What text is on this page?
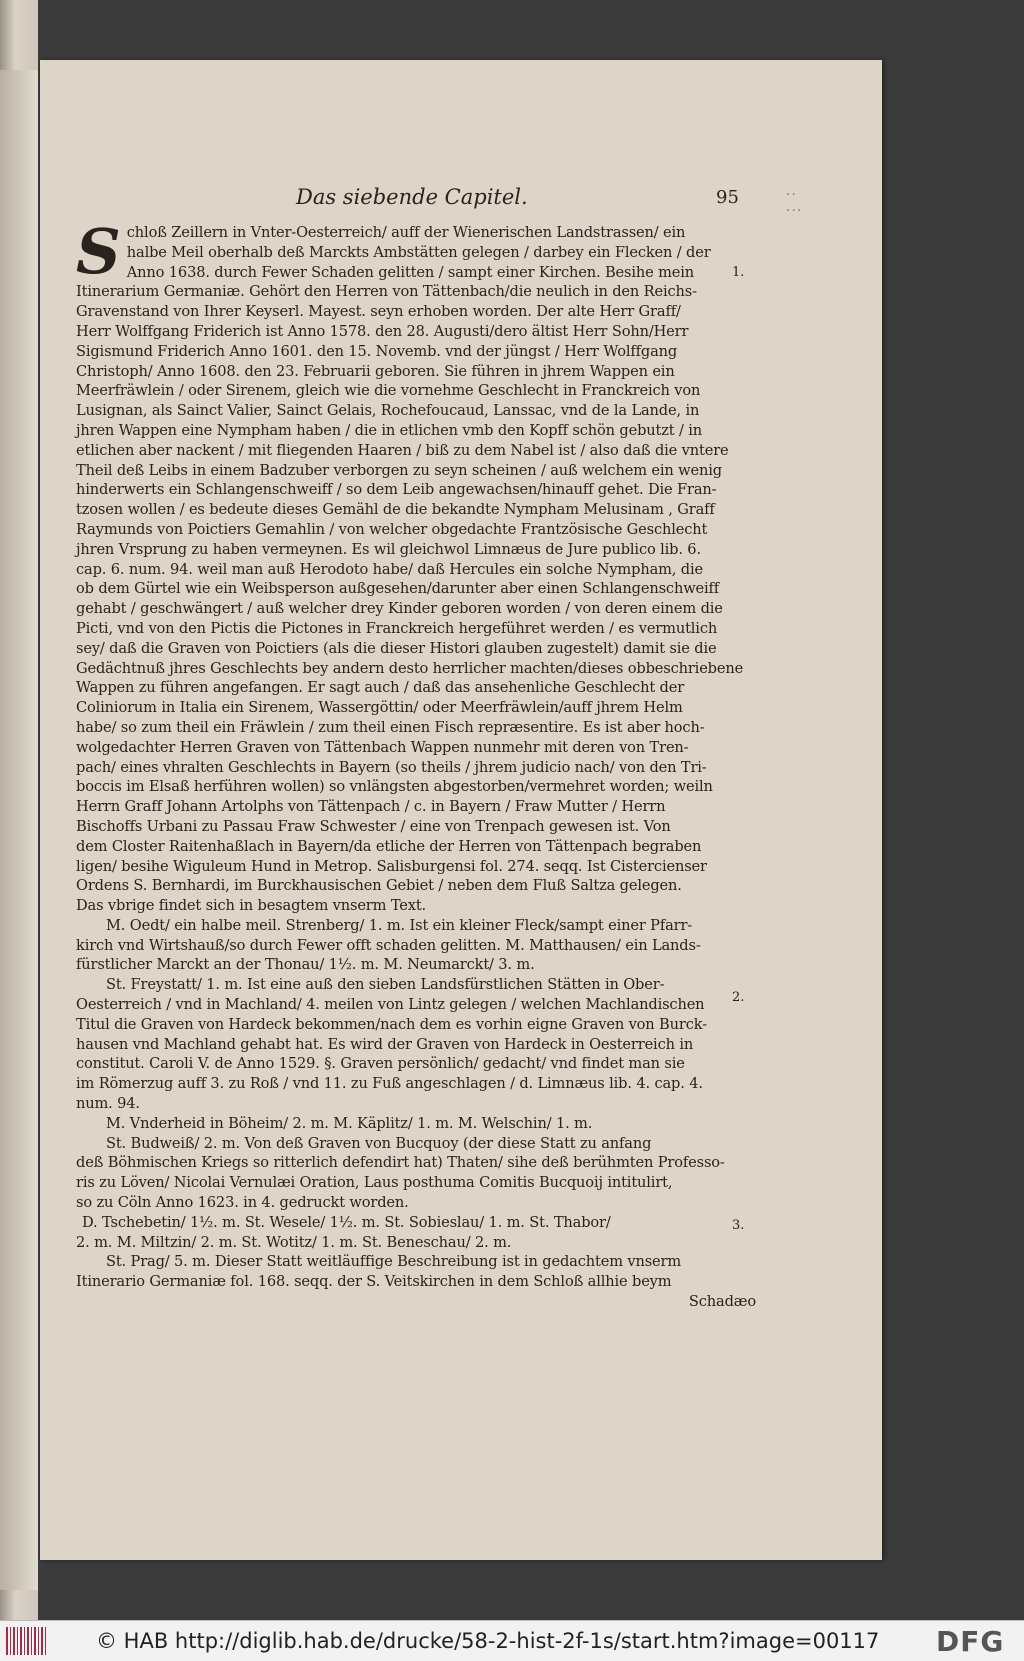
Das siebende Capitel.	95	·· ···
S chloß Zeillern in Vnter-Oesterreich/ auff der Wienerischen Landstrassen/ ein
halbe Meil oberhalb deß Marckts Ambstätten gelegen / darbey ein Flecken / der
Anno 1638. durch Fewer Schaden gelitten / sampt einer Kirchen. Besihe mein
Itinerarium Germaniæ. Gehört den Herren von Tättenbach/die neulich in den Reichs-
Gravenstand von Ihrer Keyserl. Mayest. seyn erhoben worden. Der alte Herr Graff/
Herr Wolffgang Friderich ist Anno 1578. den 28. Augusti/dero ältist Herr Sohn/Herr
Sigismund Friderich Anno 1601. den 15. Novemb. vnd der jüngst / Herr Wolffgang
Christoph/ Anno 1608. den 23. Februarii geboren. Sie führen in jhrem Wappen ein
Meerfräwlein / oder Sirenem, gleich wie die vornehme Geschlecht in Franckreich von
Lusignan, als Sainct Valier, Sainct Gelais, Rochefoucaud, Lanssac, vnd de la Lande, in
jhren Wappen eine Nympham haben / die in etlichen vmb den Kopff schön gebutzt / in
etlichen aber nackent / mit fliegenden Haaren / biß zu dem Nabel ist / also daß die vntere
Theil deß Leibs in einem Badzuber verborgen zu seyn scheinen / auß welchem ein wenig
hinderwerts ein Schlangenschweiff / so dem Leib angewachsen/hinauff gehet. Die Fran-
tzosen wollen / es bedeute dieses Gemähl de die bekandte Nympham Melusinam , Graff
Raymunds von Poictiers Gemahlin / von welcher obgedachte Frantzösische Geschlecht
jhren Vrsprung zu haben vermeynen. Es wil gleichwol Limnæus de Jure publico lib. 6.
cap. 6. num. 94. weil man auß Herodoto habe/ daß Hercules ein solche Nympham, die
ob dem Gürtel wie ein Weibsperson außgesehen/darunter aber einen Schlangenschweiff
gehabt / geschwängert / auß welcher drey Kinder geboren worden / von deren einem die
Picti, vnd von den Pictis die Pictones in Franckreich hergeführet werden / es vermutlich
sey/ daß die Graven von Poictiers (als die dieser Histori glauben zugestelt) damit sie die
Gedächtnuß jhres Geschlechts bey andern desto herrlicher machten/dieses obbeschriebene
Wappen zu führen angefangen. Er sagt auch / daß das ansehenliche Geschlecht der
Coliniorum in Italia ein Sirenem, Wassergöttin/ oder Meerfräwlein/auff jhrem Helm
habe/ so zum theil ein Fräwlein / zum theil einen Fisch repræsentire. Es ist aber hoch-
wolgedachter Herren Graven von Tättenbach Wappen nunmehr mit deren von Tren-
pach/ eines vhralten Geschlechts in Bayern (so theils / jhrem judicio nach/ von den Tri-
boccis im Elsaß herführen wollen) so vnlängsten abgestorben/vermehret worden; weiln
Herrn Graff Johann Artolphs von Tättenpach / c. in Bayern / Fraw Mutter / Herrn
Bischoffs Urbani zu Passau Fraw Schwester / eine von Trenpach gewesen ist. Von
dem Closter Raitenhaßlach in Bayern/da etliche der Herren von Tättenpach begraben
ligen/ besihe Wiguleum Hund in Metrop. Salisburgensi fol. 274. seqq. Ist Cistercienser
Ordens S. Bernhardi, im Burckhausischen Gebiet / neben dem Fluß Saltza gelegen.
Das vbrige findet sich in besagtem vnserm Text.
M. Oedt/ ein halbe meil. Strenberg/ 1. m. Ist ein kleiner Fleck/sampt einer Pfarr-
kirch vnd Wirtshauß/so durch Fewer offt schaden gelitten. M. Matthausen/ ein Lands-
fürstlicher Marckt an der Thonau/ 1½. m. M. Neumarckt/ 3. m.
St. Freystatt/ 1. m. Ist eine auß den sieben Landsfürstlichen Stätten in Ober-
Oesterreich / vnd in Machland/ 4. meilen von Lintz gelegen / welchen Machlandischen
Titul die Graven von Hardeck bekommen/nach dem es vorhin eigne Graven von Burck-
hausen vnd Machland gehabt hat. Es wird der Graven von Hardeck in Oesterreich in
constitut. Caroli V. de Anno 1529. §. Graven persönlich/ gedacht/ vnd findet man sie
im Römerzug auff 3. zu Roß / vnd 11. zu Fuß angeschlagen / d. Limnæus lib. 4. cap. 4.
num. 94.
M. Vnderheid in Böheim/ 2. m. M. Käplitz/ 1. m. M. Welschin/ 1. m.
St. Budweiß/ 2. m. Von deß Graven von Bucquoy (der diese Statt zu anfang
deß Böhmischen Kriegs so ritterlich defendirt hat) Thaten/ sihe deß berühmten Professo-
ris zu Löven/ Nicolai Vernulæi Oration, Laus posthuma Comitis Bucquoij intitulirt,
so zu Cöln Anno 1623. in 4. gedruckt worden.
D. Tschebetin/ 1½. m. St. Wesele/ 1½. m. St. Sobieslau/ 1. m. St. Thabor/
2. m. M. Miltzin/ 2. m. St. Wotitz/ 1. m. St. Beneschau/ 2. m.
St. Prag/ 5. m. Dieser Statt weitläuffige Beschreibung ist in gedachtem vnserm
Itinerario Germaniæ fol. 168. seqq. der S. Veitskirchen in dem Schloß allhie beym
Schadæo
1.
2.
3.
© HAB http://diglib.hab.de/drucke/58-2-hist-2f-1s/start.htm?image=00117 DFG
